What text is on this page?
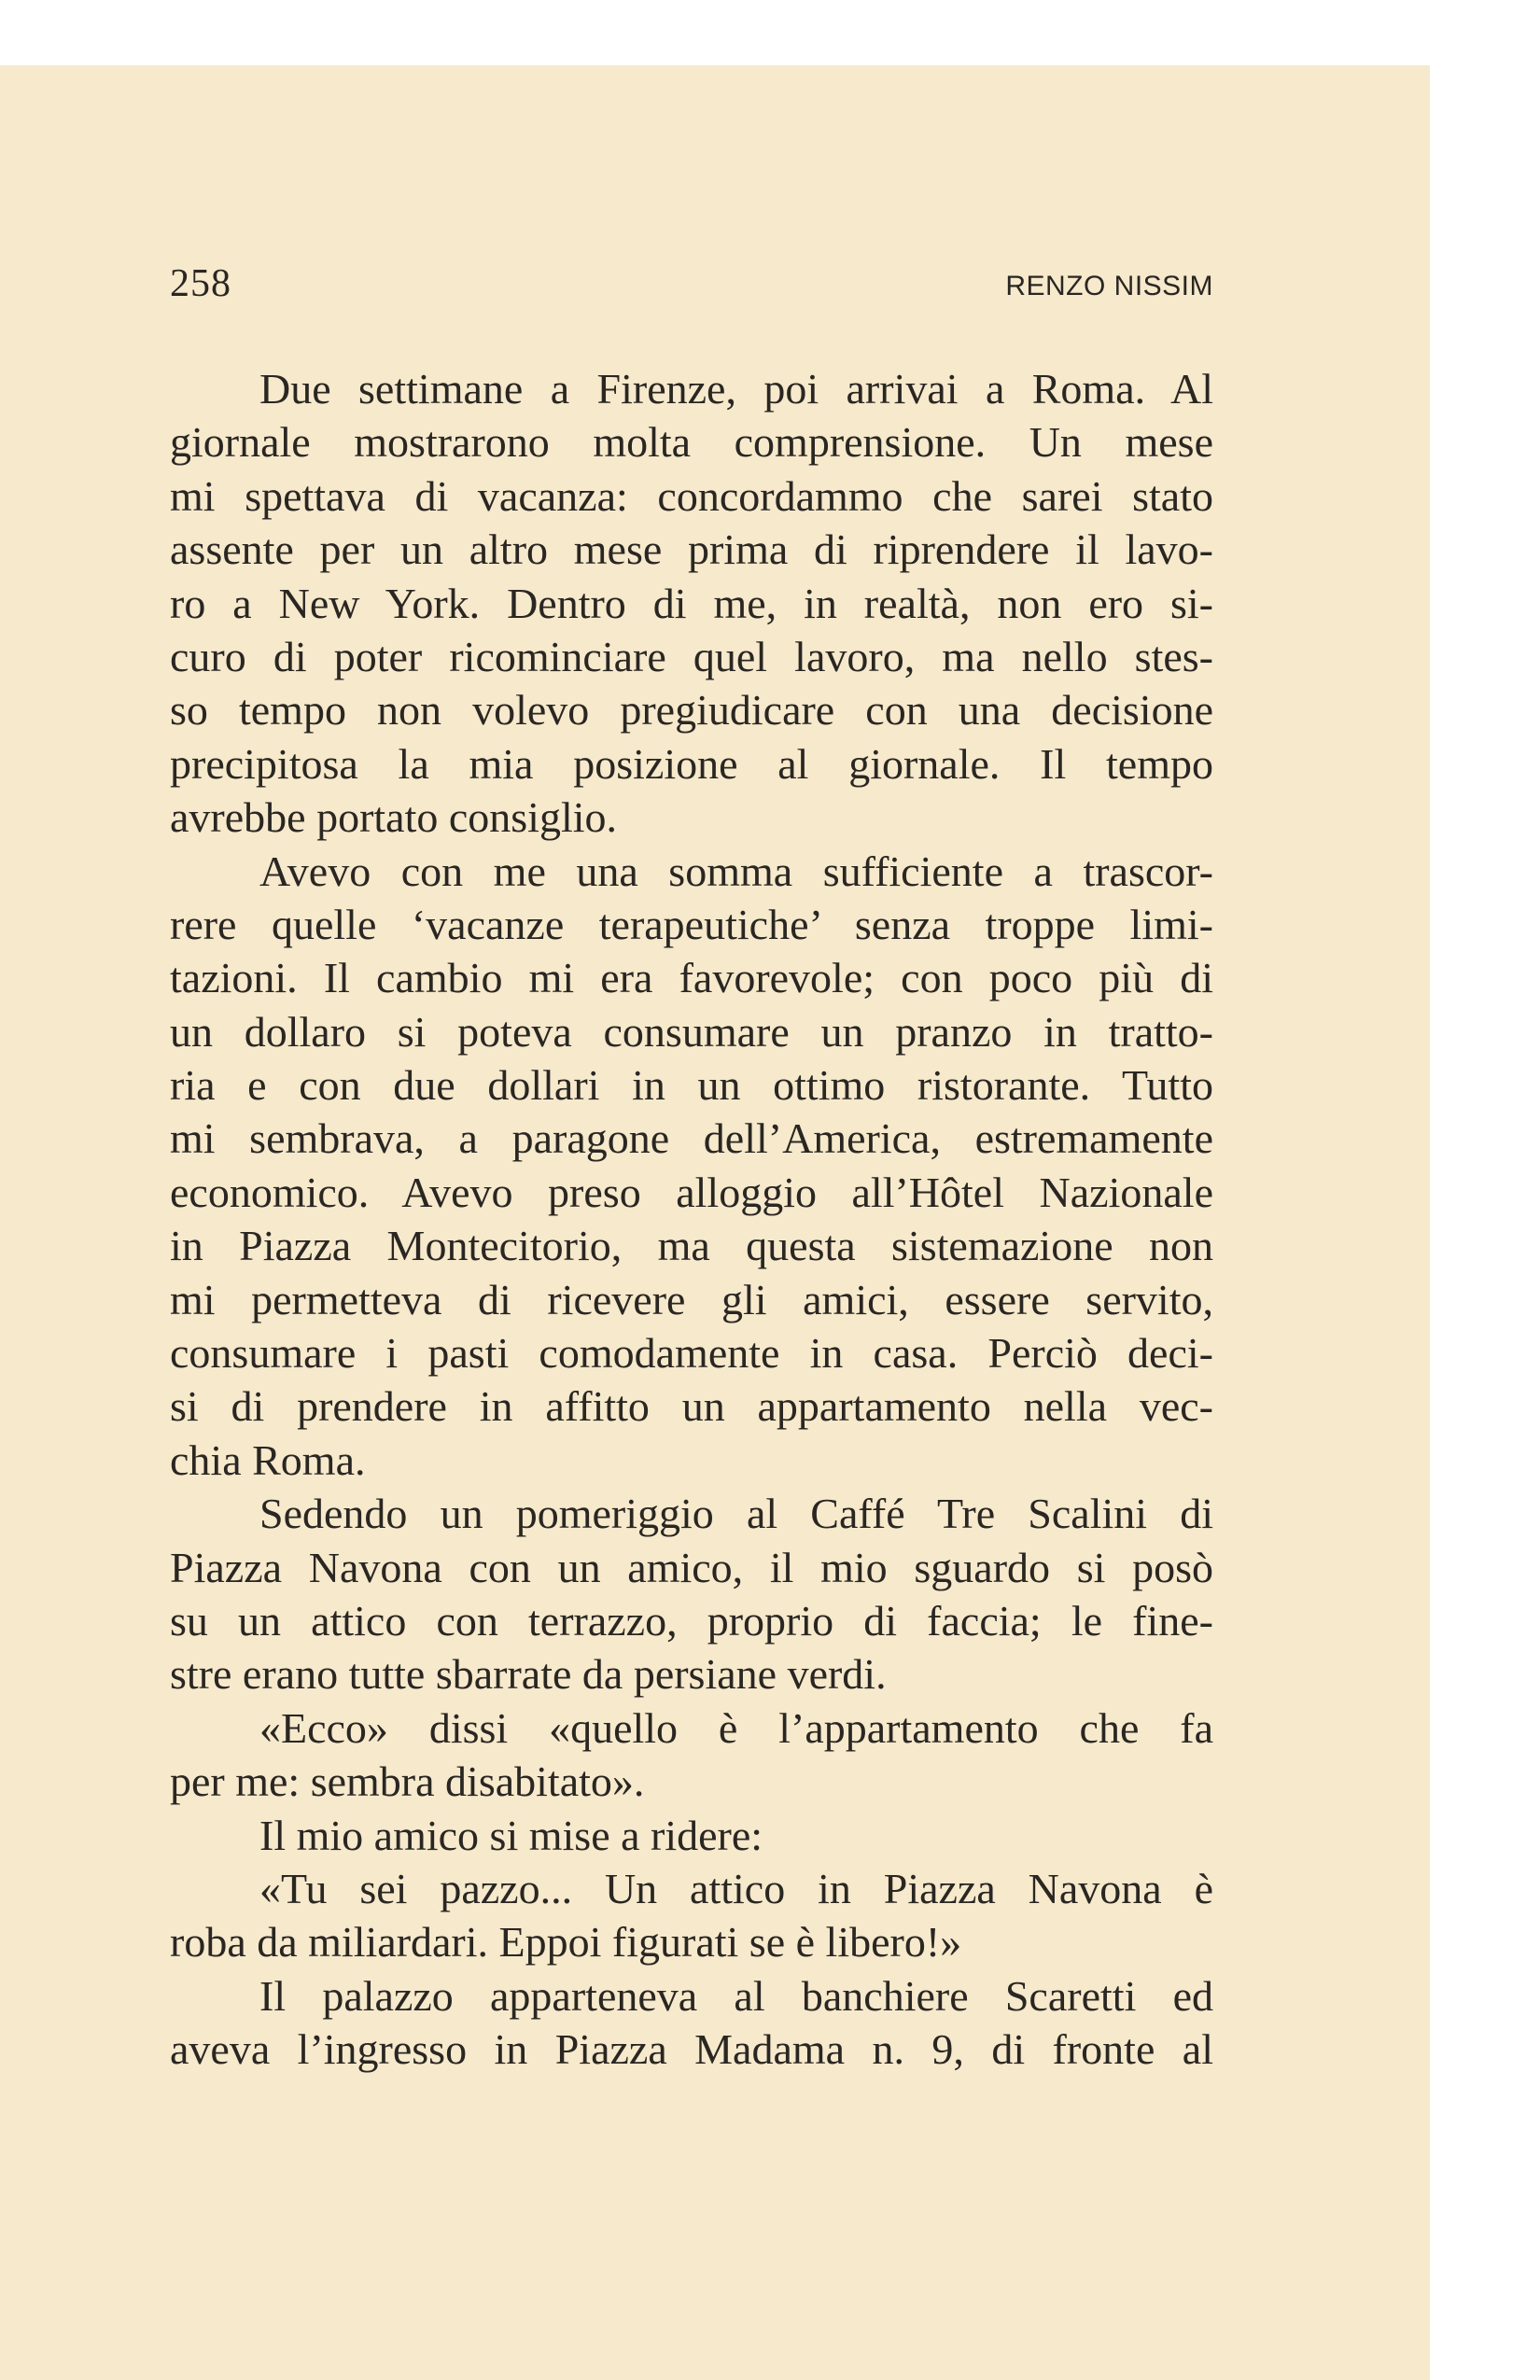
258	RENZO NISSIM
Due settimane a Firenze, poi arrivai a Roma. Al
giornale mostrarono molta comprensione. Un mese
mi spettava di vacanza: concordammo che sarei stato
assente per un altro mese prima di riprendere il lavo-
ro a New York. Dentro di me, in realtà, non ero si-
curo di poter ricominciare quel lavoro, ma nello stes-
so tempo non volevo pregiudicare con una decisione
precipitosa la mia posizione al giornale. Il tempo
avrebbe portato consiglio.
Avevo con me una somma sufficiente a trascor-
rere quelle ‘vacanze terapeutiche’ senza troppe limi-
tazioni. Il cambio mi era favorevole; con poco più di
un dollaro si poteva consumare un pranzo in tratto-
ria e con due dollari in un ottimo ristorante. Tutto
mi sembrava, a paragone dell’America, estremamente
economico. Avevo preso alloggio all’Hôtel Nazionale
in Piazza Montecitorio, ma questa sistemazione non
mi permetteva di ricevere gli amici, essere servito,
consumare i pasti comodamente in casa. Perciò deci-
si di prendere in affitto un appartamento nella vec-
chia Roma.
Sedendo un pomeriggio al Caffé Tre Scalini di
Piazza Navona con un amico, il mio sguardo si posò
su un attico con terrazzo, proprio di faccia; le fine-
stre erano tutte sbarrate da persiane verdi.
«Ecco» dissi «quello è l’appartamento che fa
per me: sembra disabitato».
Il mio amico si mise a ridere:
«Tu sei pazzo... Un attico in Piazza Navona è
roba da miliardari. Eppoi figurati se è libero!»
Il palazzo apparteneva al banchiere Scaretti ed
aveva l’ingresso in Piazza Madama n. 9, di fronte al
